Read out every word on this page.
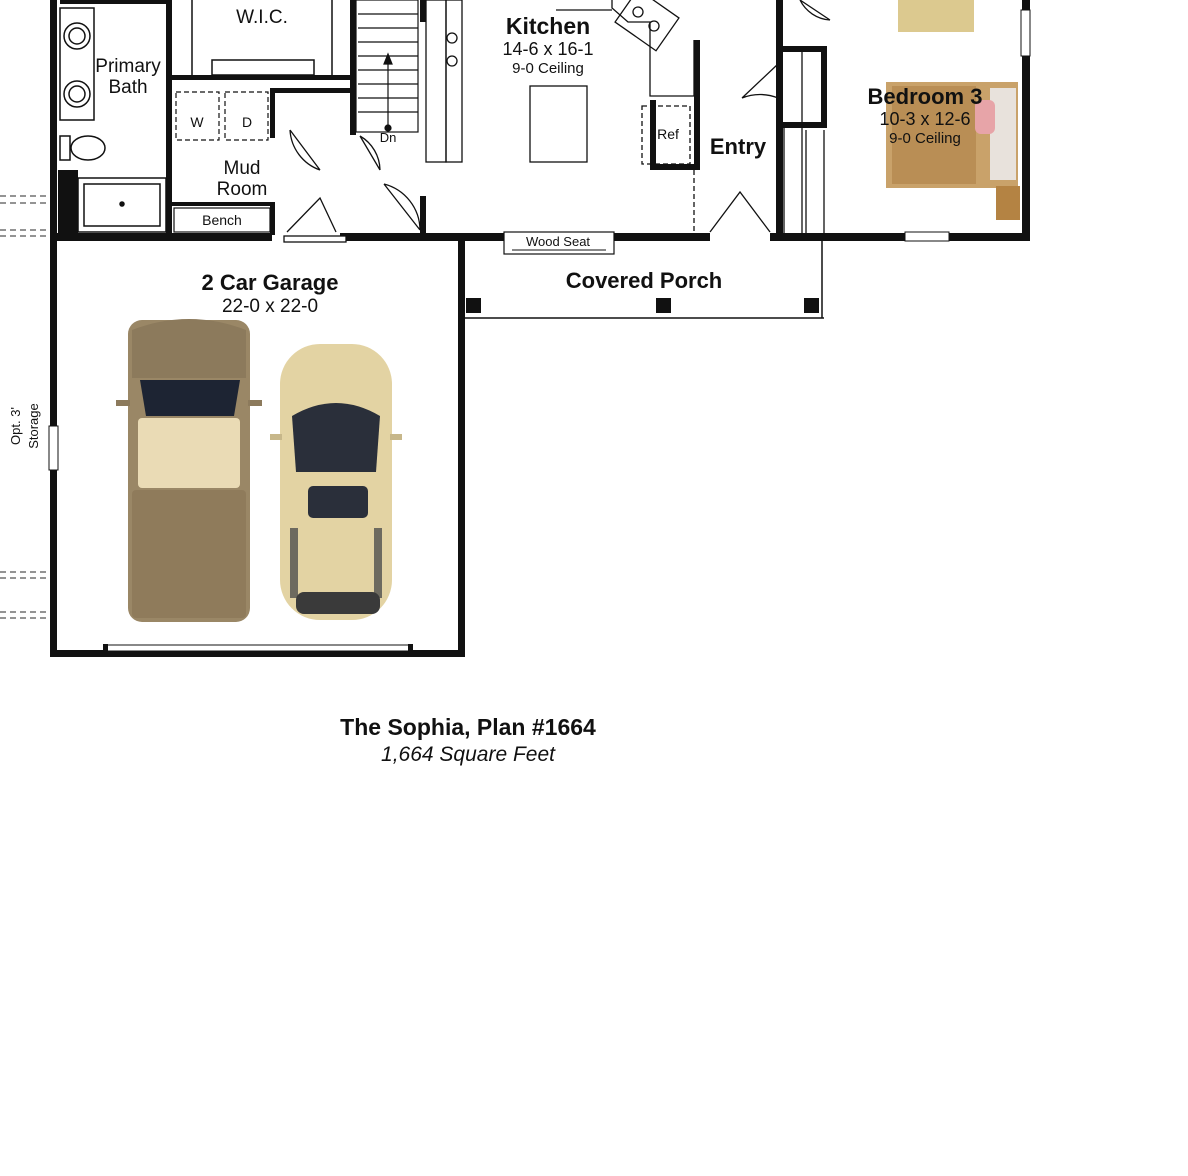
W.I.C.
Primary
Bath
Kitchen
14-6 x 16-1
9-0 Ceiling
Bedroom 3
10-3 x 12-6
9-0 Ceiling
Entry
Mud
Room
W	D
Bench
Dn	Ref
Wood Seat
2 Car Garage
22-0 x 22-0
Covered Porch
Opt. 3' Storage
The Sophia, Plan #1664
1,664 Square Feet
